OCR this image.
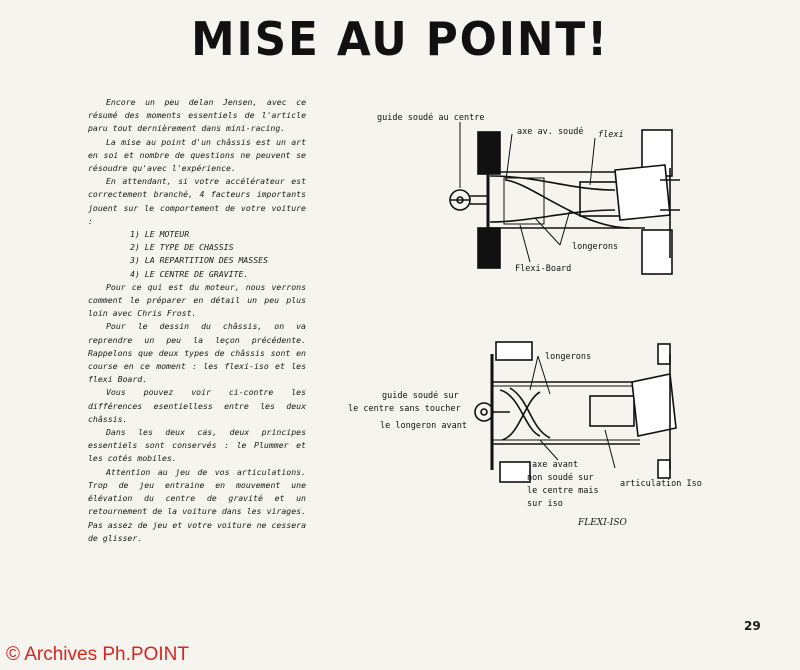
MISE AU POINT!

Encore un peu delan Jensen, avec ce résumé des moments essentiels de l'article paru tout dernièrement dans mini-racing.

La mise au point d'un châssis est un art en soi et nombre de questions ne peuvent se résoudre qu'avec l'expérience.

En attendant, si votre accélérateur est correctement branché, 4 facteurs importants jouent sur le comportement de votre voiture :

1) LE MOTEUR
2) LE TYPE DE CHASSIS
3) LA REPARTITION DES MASSES
4) LE CENTRE DE GRAVITE.

Pour ce qui est du moteur, nous verrons comment le préparer en détail un peu plus loin avec Chris Frost.

Pour le dessin du châssis, on va reprendre un peu la leçon précédente. Rappelons que deux types de châssis sont en course en ce moment : les flexi-iso et les flexi Board.

Vous pouvez voir ci-contre les différences esentielless entre les deux châssis.

Dans les deux cas, deux principes essentiels sont conservés : le Plummer et les cotés mobiles.

Attention au jeu de vos articulations. Trop de jeu entraine en mouvement une élévation du centre de gravité et un retournement de la voiture dans les virages. Pas assez de jeu et votre voiture ne cessera de glisser.

guide soudé au centre
axe av. soudé flexi
longerons
Flexi-Board
longerons
guide soudé sur
le centre sans toucher
le longeron avant
axe avant
non soudé sur
le centre mais
sur iso
articulation Iso
FLEXI-ISO
29
© Archives Ph.POINT
